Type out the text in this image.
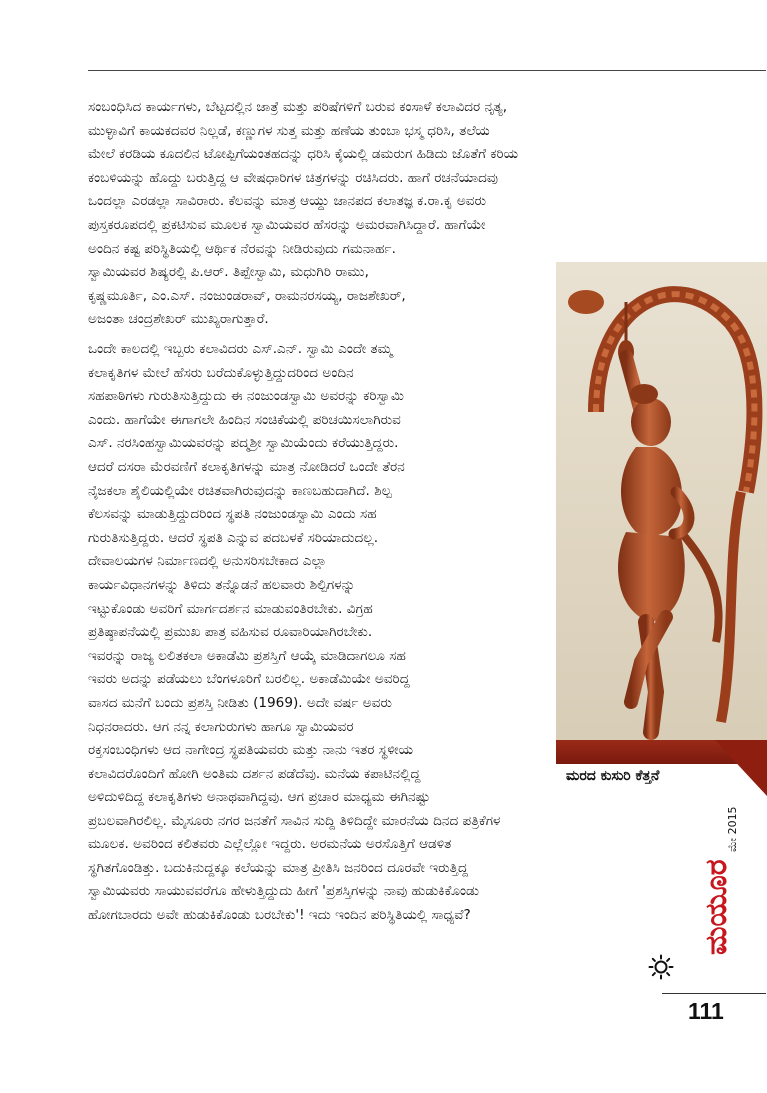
ಸಂಬಂಧಿಸಿದ ಕಾರ್ಯಗಳು, ಬೆಟ್ಟದಲ್ಲಿನ ಜಾತ್ರೆ ಮತ್ತು ಪರಿಷೆಗಳಿಗೆ ಬರುವ ಕಂಸಾಳೆ ಕಲಾವಿದರ ನೃತ್ಯ,
ಮುಳ್ಳಾವಿಗೆ ಕಾಯಕದವರ ನಿಲ್ಲಡೆ, ಕಣ್ಣುಗಳ ಸುತ್ತ ಮತ್ತು ಹಣೆಯ ತುಂಬಾ ಭಸ್ಮ ಧರಿಸಿ, ತಲೆಯ
ಮೇಲೆ ಕರಡಿಯ ಕೂದಲಿನ ಟೋಪ್ಪಿಗೆಯಂತಹದನ್ನು ಧರಿಸಿ ಕೈಯಲ್ಲಿ ಡಮರುಗ ಹಿಡಿದು ಜೊತೆಗೆ ಕರಿಯ
ಕಂಬಳಿಯನ್ನು ಹೊದ್ದು ಬರುತ್ತಿದ್ದ ಆ ವೇಷಧಾರಿಗಳ ಚಿತ್ರಗಳನ್ನು ರಚಿಸಿದರು. ಹಾಗೆ ರಚನೆಯಾದವು
ಒಂದಲ್ಲಾ ಎರಡಲ್ಲಾ ಸಾವಿರಾರು. ಕೆಲವನ್ನು ಮಾತ್ರ ಆಯ್ದು ಜಾನಪದ ಕಲಾತಜ್ಞ ಕ.ರಾ.ಕೃ ಅವರು
ಪುಸ್ತಕರೂಪದಲ್ಲಿ ಪ್ರಕಟಿಸುವ ಮೂಲಕ ಸ್ವಾಮಿಯವರ ಹೆಸರನ್ನು ಅಮರವಾಗಿಸಿದ್ದಾರೆ. ಹಾಗೆಯೇ
ಅಂದಿನ ಕಷ್ಟ ಪರಿಸ್ಥಿತಿಯಲ್ಲಿ ಆರ್ಥಿಕ ನೆರವನ್ನು ನೀಡಿರುವುದು ಗಮನಾರ್ಹ.
ಸ್ವಾಮಿಯವರ ಶಿಷ್ಯರಲ್ಲಿ ಪಿ.ಆರ್. ತಿಪ್ಪೇಸ್ವಾಮಿ, ಮಧುಗಿರಿ ರಾಮು,
ಕೃಷ್ಣಮೂರ್ತಿ, ಎಂ.ಎಸ್. ನಂಜುಂಡರಾವ್, ರಾಮನರಸಯ್ಯ, ರಾಜಶೇಖರ್,
ಅಜಂತಾ ಚಂದ್ರಶೇಖರ್ ಮುಖ್ಯರಾಗುತ್ತಾರೆ.
ಒಂದೇ ಕಾಲದಲ್ಲಿ ಇಬ್ಬರು ಕಲಾವಿದರು ಎಸ್.ಎನ್. ಸ್ವಾಮಿ ಎಂದೇ ತಮ್ಮ
ಕಲಾಕೃತಿಗಳ ಮೇಲೆ ಹೆಸರು ಬರೆದುಕೊಳ್ಳುತ್ತಿದ್ದುದರಿಂದ ಅಂದಿನ
ಸಹಪಾಠಿಗಳು ಗುರುತಿಸುತ್ತಿದ್ದುದು ಈ ನಂಜುಂಡಸ್ವಾಮಿ ಅವರನ್ನು ಕರಿಸ್ವಾಮಿ
ಎಂದು. ಹಾಗೆಯೇ ಈಗಾಗಲೇ ಹಿಂದಿನ ಸಂಚಿಕೆಯಲ್ಲಿ ಪರಿಚಯಿಸಲಾಗಿರುವ
ಎಸ್. ನರಸಿಂಹಸ್ವಾಮಿಯವರನ್ನು ಪದ್ಮಶ್ರೀ ಸ್ವಾಮಿಯೆಂದು ಕರೆಯುತ್ತಿದ್ದರು.
ಆದರೆ ದಸರಾ ಮೆರವಣಿಗೆ ಕಲಾಕೃತಿಗಳನ್ನು ಮಾತ್ರ ನೋಡಿದರೆ ಒಂದೇ ತೆರನ
ನೈಜಕಲಾ ಶೈಲಿಯಲ್ಲಿಯೇ ರಚಿತವಾಗಿರುವುದನ್ನು ಕಾಣಬಹುದಾಗಿದೆ. ಶಿಲ್ಪ
ಕೆಲಸವನ್ನು ಮಾಡುತ್ತಿದ್ದುದರಿಂದ ಸ್ಥಪತಿ ನಂಜುಂಡಸ್ವಾಮಿ ಎಂದು ಸಹ
ಗುರುತಿಸುತ್ತಿದ್ದರು. ಆದರೆ ಸ್ಥಪತಿ ಎನ್ನುವ ಪದಬಳಕೆ ಸರಿಯಾದುದಲ್ಲ.
ದೇವಾಲಯಗಳ ನಿರ್ಮಾಣದಲ್ಲಿ ಅನುಸರಿಸಬೇಕಾದ ಎಲ್ಲಾ
ಕಾರ್ಯವಿಧಾನಗಳನ್ನು ತಿಳಿದು ತನ್ನೊಡನೆ ಹಲವಾರು ಶಿಲ್ಪಿಗಳನ್ನು
ಇಟ್ಟುಕೊಂಡು ಅವರಿಗೆ ಮಾರ್ಗದರ್ಶನ ಮಾಡುವಂತಿರಬೇಕು. ವಿಗ್ರಹ
ಪ್ರತಿಷ್ಠಾಪನೆಯಲ್ಲಿ ಪ್ರಮುಖ ಪಾತ್ರ ವಹಿಸುವ ರೂವಾರಿಯಾಗಿರಬೇಕು.
ಇವರನ್ನು ರಾಜ್ಯ ಲಲಿತಕಲಾ ಅಕಾಡೆಮಿ ಪ್ರಶಸ್ತಿಗೆ ಆಯ್ಕೆ ಮಾಡಿದಾಗಲೂ ಸಹ
ಇವರು ಅದನ್ನು ಪಡೆಯಲು ಬೆಂಗಳೂರಿಗೆ ಬರಲಿಲ್ಲ. ಅಕಾಡೆಮಿಯೇ ಅವರಿದ್ದ
ವಾಸದ ಮನೆಗೆ ಬಂದು ಪ್ರಶಸ್ತಿ ನೀಡಿತು (1969). ಅದೇ ವರ್ಷ ಅವರು
ನಿಧನರಾದರು. ಆಗ ನನ್ನ ಕಲಾಗುರುಗಳು ಹಾಗೂ ಸ್ವಾಮಿಯವರ
ರಕ್ತಸಂಬಂಧಿಗಳು ಆದ ನಾಗೇಂದ್ರ ಸ್ಥಪತಿಯವರು ಮತ್ತು ನಾನು ಇತರ ಸ್ಥಳೀಯ
ಕಲಾವಿದರೊಂದಿಗೆ ಹೋಗಿ ಅಂತಿಮ ದರ್ಶನ ಪಡೆದೆವು. ಮನೆಯ ಕಪಾಟಿನಲ್ಲಿದ್ದ
ಅಳಿದುಳಿದಿದ್ದ ಕಲಾಕೃತಿಗಳು ಅನಾಥವಾಗಿದ್ದವು. ಆಗ ಪ್ರಚಾರ ಮಾಧ್ಯಮ ಈಗಿನಷ್ಟು
ಪ್ರಬಲವಾಗಿರಲಿಲ್ಲ. ಮೈಸೂರು ನಗರ ಜನತೆಗೆ ಸಾವಿನ ಸುದ್ದಿ ತಿಳಿದಿದ್ದೇ ಮಾರನೆಯ ದಿನದ ಪತ್ರಿಕೆಗಳ
ಮೂಲಕ. ಅವರಿಂದ ಕಲಿತವರು ಎಲ್ಲೆಲ್ಲೋ ಇದ್ದರು. ಅರಮನೆಯ ಅರಸೊತ್ತಿಗೆ ಆಡಳಿತ
ಸ್ಥಗಿತಗೊಂಡಿತ್ತು. ಬದುಕಿನುದ್ದಕ್ಕೂ ಕಲೆಯನ್ನು ಮಾತ್ರ ಪ್ರೀತಿಸಿ ಜನರಿಂದ ದೂರವೇ ಇರುತ್ತಿದ್ದ
ಸ್ವಾಮಿಯವರು ಸಾಯುವವರೆಗೂ ಹೇಳುತ್ತಿದ್ದುದು ಹೀಗೆ 'ಪ್ರಶಸ್ತಿಗಳನ್ನು ನಾವು ಹುಡುಕಿಕೊಂಡು
ಹೋಗಬಾರದು ಅವೇ ಹುಡುಕಿಕೊಂಡು ಬರಬೇಕು'! ಇದು ಇಂದಿನ ಪರಿಸ್ಥಿತಿಯಲ್ಲಿ ಸಾಧ್ಯವೆ?
ಮರದ ಕುಸುರಿ ಕೆತ್ತನೆ
ಮಯೂರ
ಮೇ 2015
111
